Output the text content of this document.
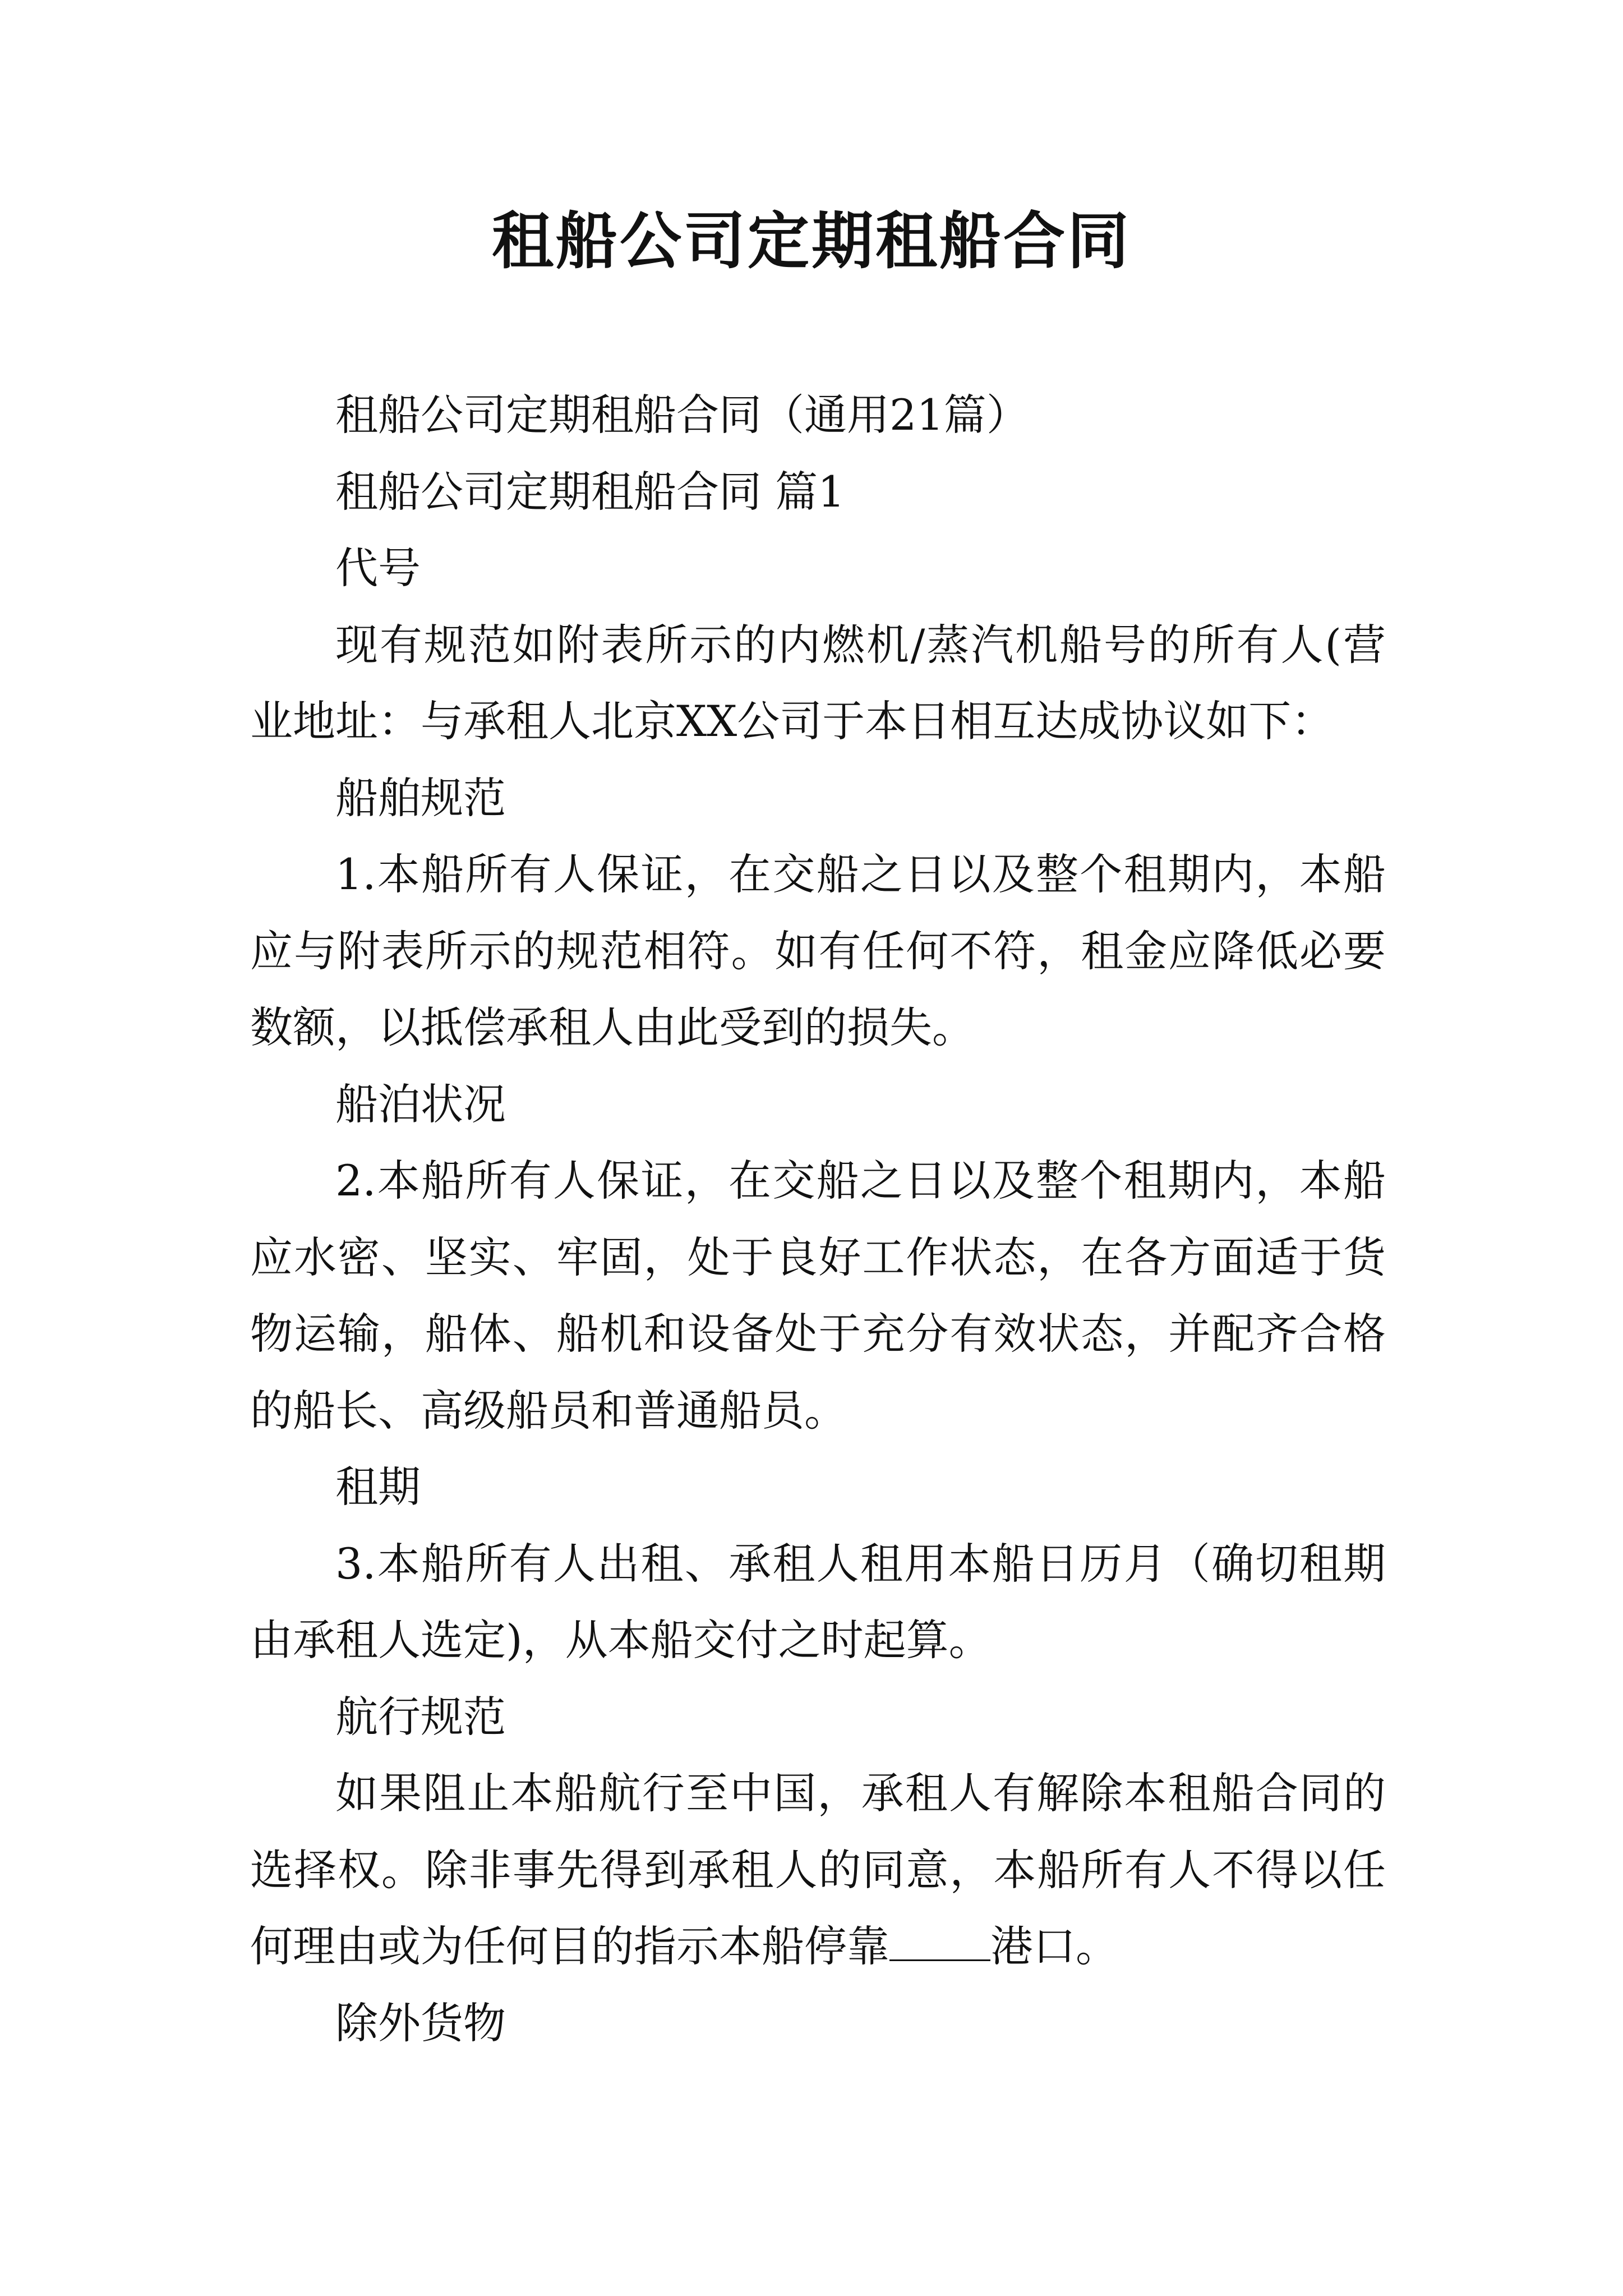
租船公司定期租船合同

租船公司定期租船合同（通用21篇）

租船公司定期租船合同 篇1

代号

现有规范如附表所示的内燃机/蒸汽机船号的所有人(营业地址：与承租人北京XX公司于本日相互达成协议如下：

船舶规范

1.本船所有人保证，在交船之日以及整个租期内，本船应与附表所示的规范相符。如有任何不符，租金应降低必要数额，以抵偿承租人由此受到的损失。

船泊状况

2.本船所有人保证，在交船之日以及整个租期内，本船应水密、坚实、牢固，处于良好工作状态，在各方面适于货物运输，船体、船机和设备处于充分有效状态，并配齐合格的船长、高级船员和普通船员。

租期

3.本船所有人出租、承租人租用本船日历月（确切租期由承租人选定)，从本船交付之时起算。

航行规范

如果阻止本船航行至中国，承租人有解除本租船合同的选择权。除非事先得到承租人的同意，本船所有人不得以任何理由或为任何目的指示本船停靠 港口。

除外货物
